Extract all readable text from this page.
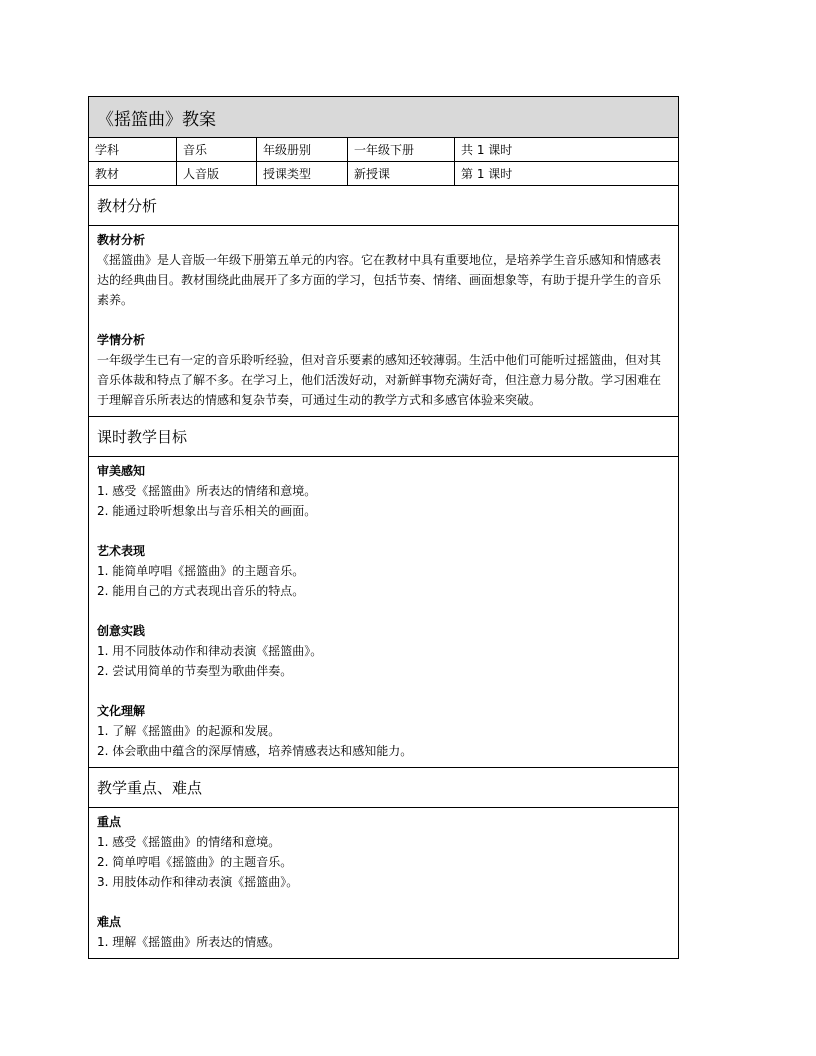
《摇篮曲》教案
学科	音乐	年级册别	一年级下册	共 1 课时
教材	人音版	授课类型	新授课	第 1 课时
教材分析
教材分析

《摇篮曲》是人音版一年级下册第五单元的内容。它在教材中具有重要地位，是培养学生音乐感知和情感表达的经典曲目。教材围绕此曲展开了多方面的学习，包括节奏、情绪、画面想象等，有助于提升学生的音乐素养。

学情分析

一年级学生已有一定的音乐聆听经验，但对音乐要素的感知还较薄弱。生活中他们可能听过摇篮曲，但对其音乐体裁和特点了解不多。在学习上，他们活泼好动，对新鲜事物充满好奇，但注意力易分散。学习困难在于理解音乐所表达的情感和复杂节奏，可通过生动的教学方式和多感官体验来突破。

课时教学目标
审美感知

1. 感受《摇篮曲》所表达的情绪和意境。

2. 能通过聆听想象出与音乐相关的画面。

艺术表现

1. 能简单哼唱《摇篮曲》的主题音乐。

2. 能用自己的方式表现出音乐的特点。

创意实践

1. 用不同肢体动作和律动表演《摇篮曲》。

2. 尝试用简单的节奏型为歌曲伴奏。

文化理解

1. 了解《摇篮曲》的起源和发展。

2. 体会歌曲中蕴含的深厚情感，培养情感表达和感知能力。

教学重点、难点
重点

1. 感受《摇篮曲》的情绪和意境。

2. 简单哼唱《摇篮曲》的主题音乐。

3. 用肢体动作和律动表演《摇篮曲》。

难点

1. 理解《摇篮曲》所表达的情感。
